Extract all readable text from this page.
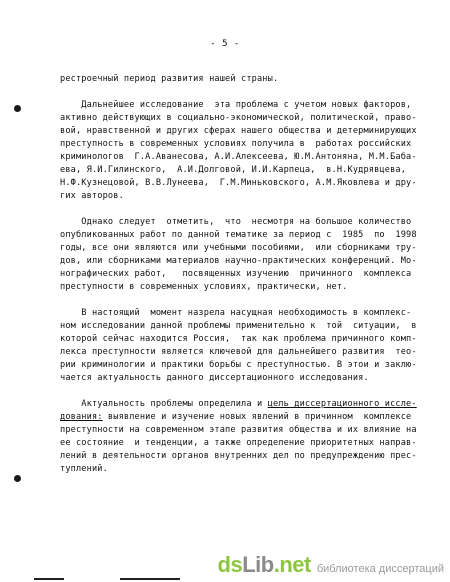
- 5 -
рестроечный период развития нашей страны.
Дальнейшее исследование  эта проблема с учетом новых факторов,
активно действующих в социально-экономической, политической, право-
вой, нравственной и других сферах нашего общества и детерминирующих
преступность в современных условиях получила в  работах российских
криминологов  Г.А.Аванесова, А.И.Алексеева, Ю.М.Антоняна, М.М.Баба-
ева, Я.И.Гилинского,  А.И.Долговой, И.И.Карпеца,  в.Н.Кудрявцева,
Н.Ф.Кузнецовой, В.В.Лунеева,  Г.М.Миньковского, А.М.Яковлева и дру-
гих авторов.
Однако следует  отметить,  что  несмотря на большое количество
опубликованных работ по данной тематике за период с  1985  по  1998
годы, все они являются или учебными пособиями,  или сборниками тру-
дов, или сборниками материалов научно-практических конференций. Мо-
нографических работ,   посвященных изучению  причинного  комплекса
преступности в современных условиях, практически, нет.
В настоящий  момент назрела насущная необходимость в комплекс-
ном исследовании данной проблемы применительно к  той  ситуации,  в
которой сейчас находится Россия,  так как проблема причинного комп-
лекса преступности является ключевой для дальнейшего развития  тео-
рии криминологии и практики борьбы с преступностью. В этои и заклю-
чается актуальность данного диссертационного исследования.
Актуальность проблемы определила и цель диссертационного иссле-
дования: выявление и изучение новых явлений в причинном  комплексе
преступности на современном этапе развития общества и их влияние на
ее состояние  и тенденции, а также определение приоритетных направ-
лений в деятельности органов внутренних дел по предупреждению прес-
туплений.
ds Lib .net библиотека диссертаций
